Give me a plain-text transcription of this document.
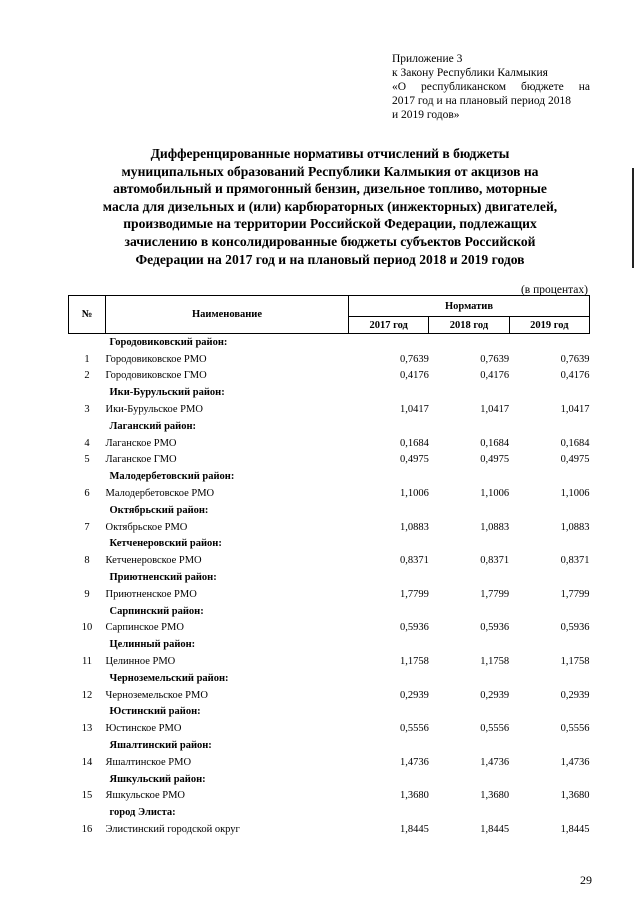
Приложение 3
к Закону Республики Калмыкия
«О республиканском бюджете на
2017 год и на плановый период 2018
и 2019 годов»
Дифференцированные нормативы отчислений в бюджеты
муниципальных образований Республики Калмыкия от акцизов на
автомобильный и прямогонный бензин, дизельное топливо, моторные
масла для дизельных и (или) карбюраторных (инжекторных) двигателей,
производимые на территории Российской Федерации, подлежащих
зачислению в консолидированные бюджеты субъектов Российской
Федерации на 2017 год и на плановый период 2018 и 2019 годов
(в процентах)
№	Наименование	Норматив		
		2017 год	2018 год	2019 год
	Городовиковский район:			
1	Городовиковское РМО	0,7639	0,7639	0,7639
2	Городовиковское ГМО	0,4176	0,4176	0,4176
	Ики-Бурульский район:			
3	Ики-Бурульское РМО	1,0417	1,0417	1,0417
	Лаганский район:			
4	Лаганское РМО	0,1684	0,1684	0,1684
5	Лаганское ГМО	0,4975	0,4975	0,4975
	Малодербетовский район:			
6	Малодербетовское РМО	1,1006	1,1006	1,1006
	Октябрьский район:			
7	Октябрьское РМО	1,0883	1,0883	1,0883
	Кетченеровский район:			
8	Кетченеровское РМО	0,8371	0,8371	0,8371
	Приютненский район:			
9	Приютненское РМО	1,7799	1,7799	1,7799
	Сарпинский район:			
10	Сарпинское РМО	0,5936	0,5936	0,5936
	Целинный район:			
11	Целинное РМО	1,1758	1,1758	1,1758
	Черноземельский район:			
12	Черноземельское РМО	0,2939	0,2939	0,2939
	Юстинский район:			
13	Юстинское РМО	0,5556	0,5556	0,5556
	Яшалтинский район:			
14	Яшалтинское РМО	1,4736	1,4736	1,4736
	Яшкульский район:			
15	Яшкульское РМО	1,3680	1,3680	1,3680
	город Элиста:			
16	Элистинский городской округ	1,8445	1,8445	1,8445
29
